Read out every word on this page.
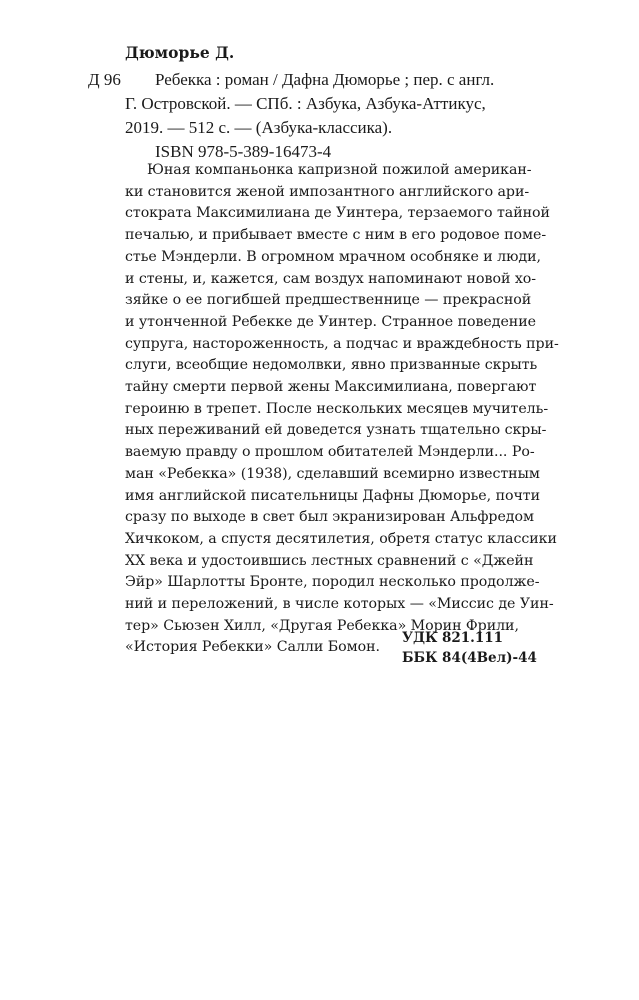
Дюморье Д.
Д 96 Ребекка : роман / Дафна Дюморье ; пер. с англ.
Г. Островской. — СПб. : Азбука, Азбука-Аттикус,
2019. — 512 с. — (Азбука-классика).
ISBN 978-5-389-16473-4
Юная компаньонка капризной пожилой американ-
ки становится женой импозантного английского ари-
стократа Максимилиана де Уинтера, терзаемого тайной
печалью, и прибывает вместе с ним в его родовое поме-
стье Мэндерли. В огромном мрачном особняке и люди,
и стены, и, кажется, сам воздух напоминают новой хо-
зяйке о ее погибшей предшественнице — прекрасной
и утонченной Ребекке де Уинтер. Странное поведение
супруга, настороженность, а подчас и враждебность при-
слуги, всеобщие недомолвки, явно призванные скрыть
тайну смерти первой жены Максимилиана, повергают
героиню в трепет. После нескольких месяцев мучитель-
ных переживаний ей доведется узнать тщательно скры-
ваемую правду о прошлом обитателей Мэндерли... Ро-
ман «Ребекка» (1938), сделавший всемирно известным
имя английской писательницы Дафны Дюморье, почти
сразу по выходе в свет был экранизирован Альфредом
Хичкоком, а спустя десятилетия, обретя статус классики
XX века и удостоившись лестных сравнений с «Джейн
Эйр» Шарлотты Бронте, породил несколько продолже-
ний и переложений, в числе которых — «Миссис де Уин-
тер» Сьюзен Хилл, «Другая Ребекка» Морин Фрили,
«История Ребекки» Салли Бомон.
УДК 821.111
ББК 84(4Вел)-44
